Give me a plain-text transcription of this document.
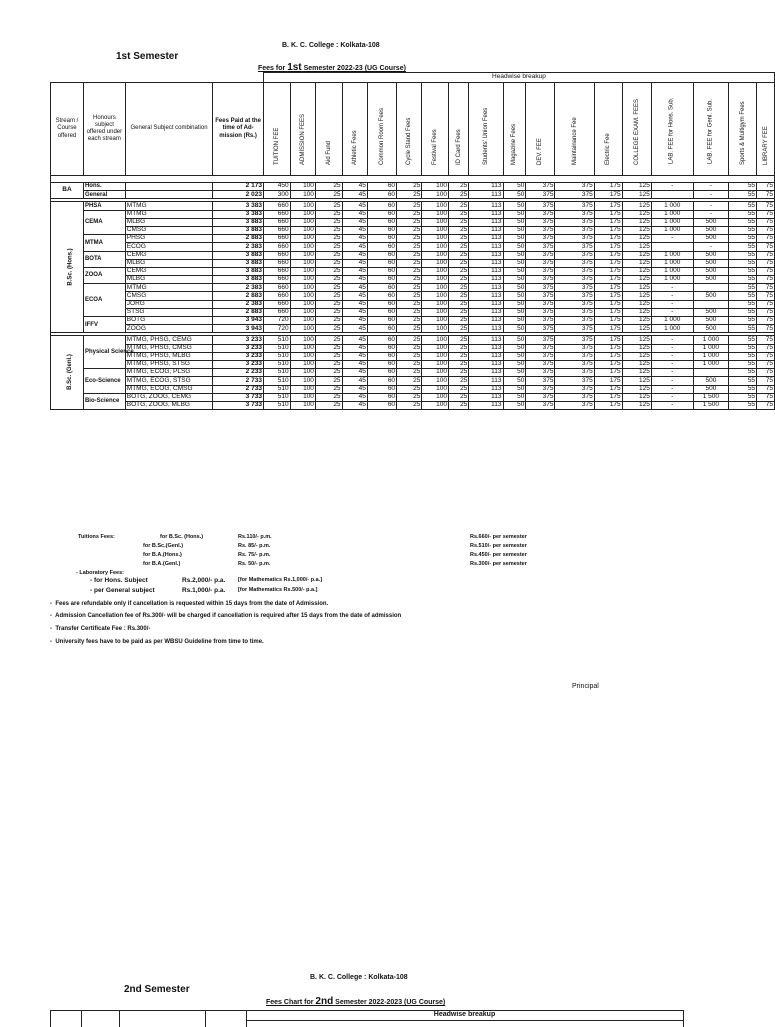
B. K. C. College : Kolkata-108
1st Semester
Fees for 1st Semester 2022-23 (UG Course)
				Headwise breakup																	

Stream / Course offered	Honours subject offered under each stream	General Subject combination	Fees Paid at the time of Ad-mission (Rs.)	TUITION FEE	ADMISSION FEES	Aid Fund	Athletic Fees	Common Room Fees	Cycle Stand Fees	Festival Fees	ID Card Fees	Students' Union Fees	Magazine Fees	DEV. FEE	Maintainance Fee	Electric Fee	COLLEGE EXAM. FEES	LAB. FEE for Hons. Sub.	LAB. FEE for Genl. Sub.	Sports & Multigym Fees	LIBRARY FEE

BA	Hons.		2 173	450	100	25	45	60	25	100	25	113	50	375	375	175	125	-	-	55	75
	General		2 023	300	100	25	45	60	25	100	25	113	50	375	375	175	125		-	55	75

B.Sc. (Hons.)	PHSA	MTMG	3 383	660	100	25	45	60	25	100	25	113	50	375	375	175	125	1 000	-	55	75
	CEMA	MTMG	3 383	660	100	25	45	60	25	100	25	113	50	375	375	175	125	1 000	-	55	75
		MLBG	3 883	660	100	25	45	60	25	100	25	113	50	375	375	175	125	1 000	500	55	75
		CMSG	3 883	660	100	25	45	60	25	100	25	113	50	375	375	175	125	1 000	500	55	75
	MTMA	PHSG	2 883	660	100	25	45	60	25	100	25	113	50	375	375	175	125	-	500	55	75
		ECOG	2 383	660	100	25	45	60	25	100	25	113	50	375	375	175	125		-	55	75
	BOTA	CEMG	3 883	660	100	25	45	60	25	100	25	113	50	375	375	175	125	1 000	500	55	75
		MLBG	3 883	660	100	25	45	60	25	100	25	113	50	375	375	175	125	1 000	500	55	75
	ZOOA	CEMG	3 883	660	100	25	45	60	25	100	25	113	50	375	375	175	125	1 000	500	55	75
		MLBG	3 883	660	100	25	45	60	25	100	25	113	50	375	375	175	125	1 000	500	55	75
	ECOA	MTMG	2 383	660	100	25	45	60	25	100	25	113	50	375	375	175	125	-		55	75
		CMSG	2 883	660	100	25	45	60	25	100	25	113	50	375	375	175	125	-	500	55	75
		JORG	2 383	660	100	25	45	60	25	100	25	113	50	375	375	175	125	-		55	75
		STSG	2 883	660	100	25	45	60	25	100	25	113	50	375	375	175	125	-	500	55	75
	IFFV	BOTG	3 943	720	100	25	45	60	25	100	25	113	50	375	375	175	125	1 000	500	55	75
		ZOOG	3 943	720	100	25	45	60	25	100	25	113	50	375	375	175	125	1 000	500	55	75

B.Sc. (Genl.)	Physical Science	MTMG, PHSG, CEMG	3 233	510	100	25	45	60	25	100	25	113	50	375	375	175	125	-	1 000	55	75
		MTMG, PHSG, CMSG	3 233	510	100	25	45	60	25	100	25	113	50	375	375	175	125	-	1 000	55	75
		MTMG, PHSG, MLBG	3 233	510	100	25	45	60	25	100	25	113	50	375	375	175	125	-	1 000	55	75
		MTMG, PHSG, STSG	3 233	510	100	25	45	60	25	100	25	113	50	375	375	175	125	-	1 000	55	75
	Eco-Science	MTMG, ECOG, PLSG	2 233	510	100	25	45	60	25	100	25	113	50	375	375	175	125	-		55	75
		MTMG, ECOG, STSG	2 733	510	100	25	45	60	25	100	25	113	50	375	375	175	125	-	500	55	75
		MTMG, ECOG, CMSG	2 733	510	100	25	45	60	25	100	25	113	50	375	375	175	125	-	500	55	75
	Bio-Science	BOTG, ZOOG, CEMG	3 733	510	100	25	45	60	25	100	25	113	50	375	375	175	125	-	1 500	55	75
		BOTG, ZOOG, MLBG	3 733	510	100	25	45	60	25	100	25	113	50	375	375	175	125	-	1 500	55	75
Tuitions Fees:	for B.Sc. (Hons.)	Rs.110/- p.m.	Rs.660/- per semester
for B.Sc.(Genl.)	Rs. 85/- p.m.	Rs.510/- per semester
for B.A.(Hons.)	Rs. 75/- p.m.	Rs.450/- per semester
for B.A.(Genl.)	Rs. 50/- p.m.	Rs.300/- per semester
- Laboratory Fees:
- for Hons. Subject	Rs.2,000/- p.a. [for Mathematics Rs.1,000/- p.a.]
- per General subject	Rs.1,000/- p.a. [for Mathematics Rs.500/- p.a.]
-  Fees are refundable only if cancellation is requested within 15 days from the date of Admission.
-  Admission Cancellation fee of Rs.300/- will be charged if cancellation is required after 15 days from the date of admission
-  Transfer Certificate Fee : Rs.300/-
-  University fees have to be paid as per WBSU Guideline from time to time.
Principal
B. K. C. College : Kolkata-108
2nd Semester
Fees Chart for 2nd Semester 2022-2023 (UG Course)
Headwise breakup
